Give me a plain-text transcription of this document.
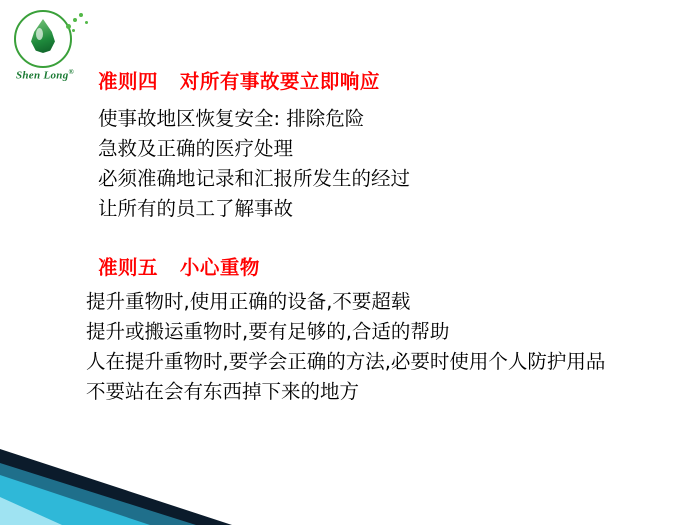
Shen Long® 准则四   对所有事故要立即响应
使事故地区恢复安全: 排除危险
急救及正确的医疗处理
必须准确地记录和汇报所发生的经过
让所有的员工了解事故
准则五   小心重物
提升重物时,使用正确的设备,不要超载
提升或搬运重物时,要有足够的,合适的帮助
人在提升重物时,要学会正确的方法,必要时使用个人防护用品
不要站在会有东西掉下来的地方
